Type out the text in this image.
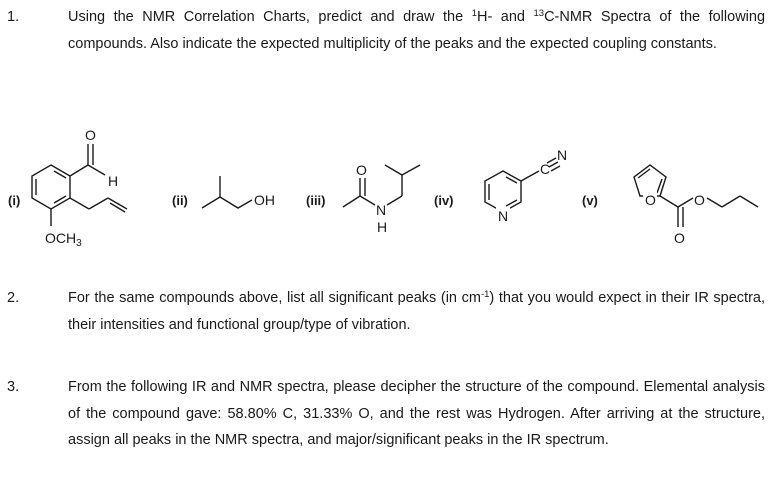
1.	Using the NMR Correlation Charts, predict and draw the $^1$H- and $^{13}$C-NMR Spectra of the following compounds. Also indicate the expected multiplicity of the peaks and the expected coupling constants.
(i)	(ii)	(iii)	(iv)	(v)
O
H
$OCH_3$
OH
O
N
H
N
C
N
O
O
O
2.	For the same compounds above, list all significant peaks (in $cm^{-1}$) that you would expect in their IR spectra, their intensities and functional group/type of vibration.
3.	From the following IR and NMR spectra, please decipher the structure of the compound. Elemental analysis of the compound gave: 58.80% C, 31.33% O, and the rest was Hydrogen. After arriving at the structure, assign all peaks in the NMR spectra, and major/significant peaks in the IR spectrum.
